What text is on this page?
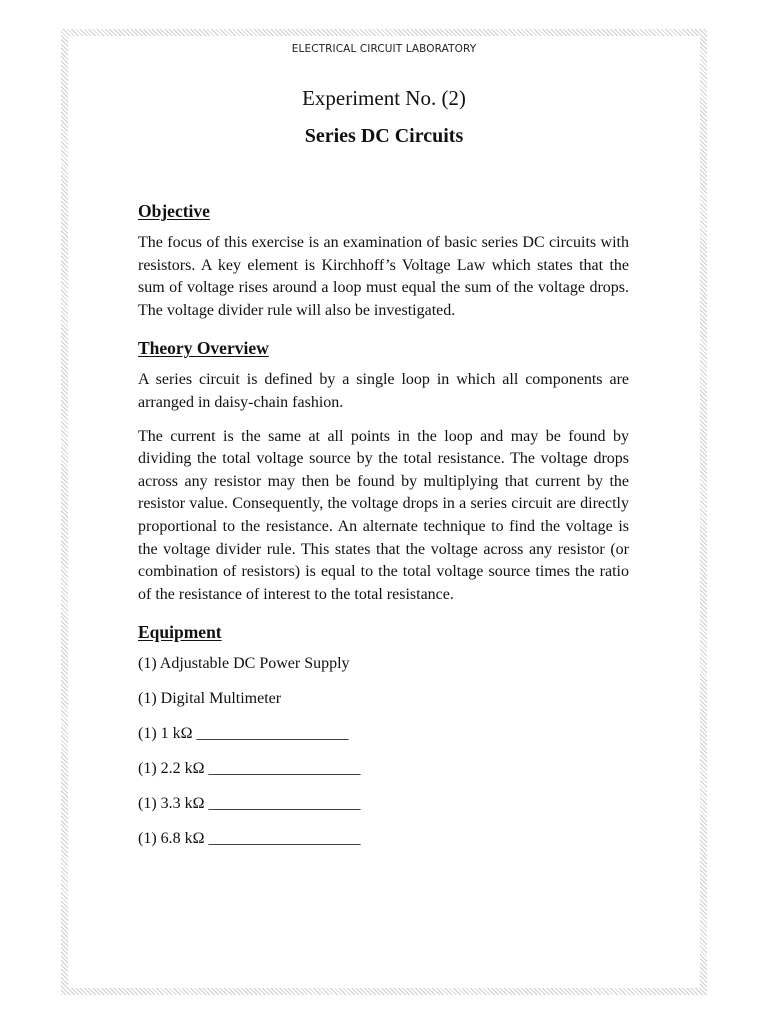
ELECTRICAL CIRCUIT LABORATORY
Experiment No. (2)
Series DC Circuits
Objective

The focus of this exercise is an examination of basic series DC circuits with resistors. A key element is Kirchhoff’s Voltage Law which states that the sum of voltage rises around a loop must equal the sum of the voltage drops. The voltage divider rule will also be investigated.

Theory Overview

A series circuit is defined by a single loop in which all components are arranged in daisy-chain fashion.

The current is the same at all points in the loop and may be found by dividing the total voltage source by the total resistance. The voltage drops across any resistor may then be found by multiplying that current by the resistor value. Consequently, the voltage drops in a series circuit are directly proportional to the resistance. An alternate technique to find the voltage is the voltage divider rule. This states that the voltage across any resistor (or combination of resistors) is equal to the total voltage source times the ratio of the resistance of interest to the total resistance.

Equipment
(1) Adjustable DC Power Supply
(1) Digital Multimeter
(1) 1 kΩ ___________________
(1) 2.2 kΩ ___________________
(1) 3.3 kΩ ___________________
(1) 6.8 kΩ ___________________
